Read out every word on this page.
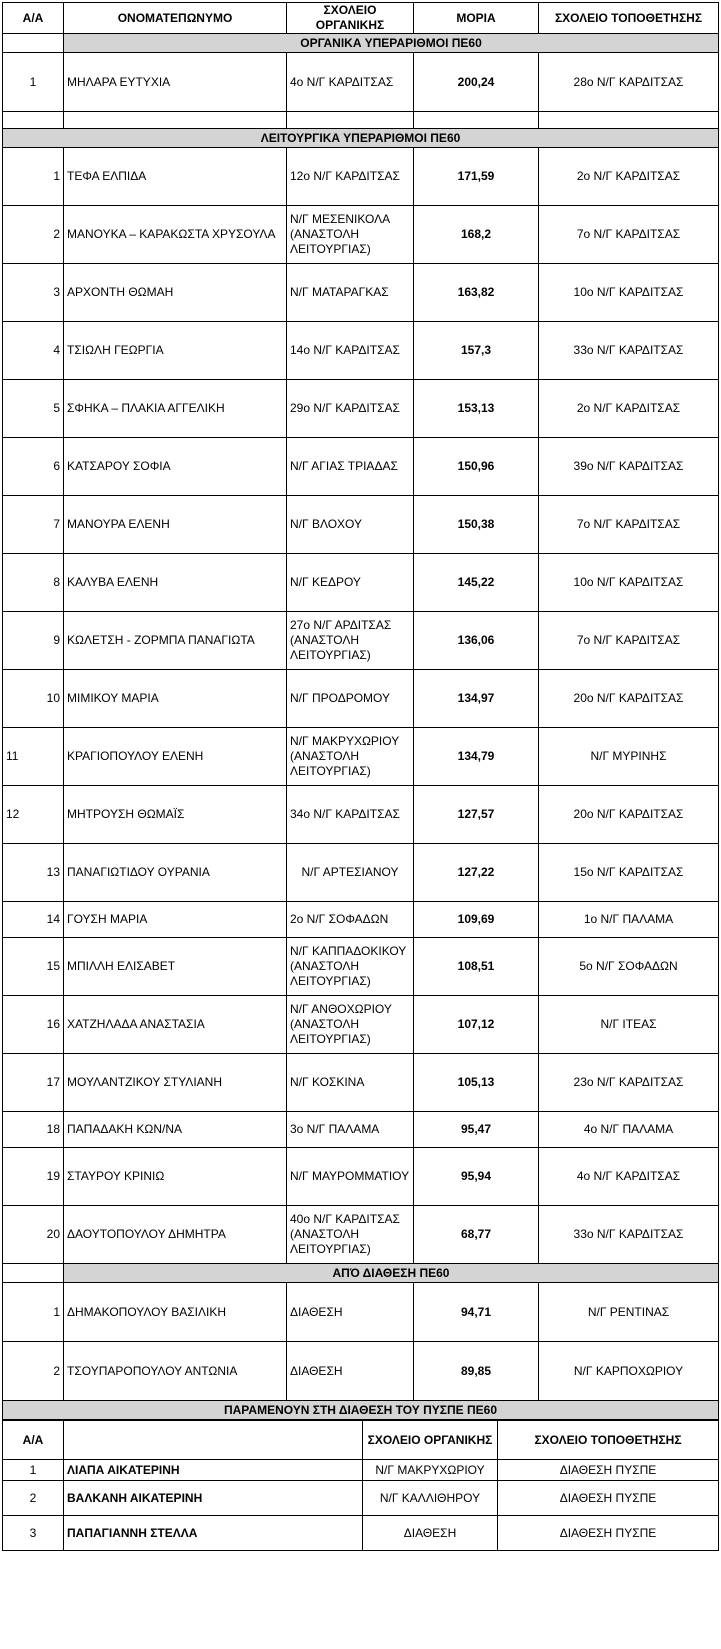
Α/Α	ΟΝΟΜΑΤΕΠΩΝΥΜΟ	ΣΧΟΛΕΙΟ ΟΡΓΑΝΙΚΗΣ	ΜΟΡΙΑ	ΣΧΟΛΕΙΟ ΤΟΠΟΘΕΤΗΣΗΣ
	ΟΡΓΑΝΙΚΑ ΥΠΕΡΑΡΙΘΜΟΙ ΠΕ60			
1	ΜΗΛΑΡΑ ΕΥΤΥΧΙΑ	4ο Ν/Γ ΚΑΡΔΙΤΣΑΣ	200,24	28ο Ν/Γ ΚΑΡΔΙΤΣΑΣ

ΛΕΙΤΟΥΡΓΙΚΑ ΥΠΕΡΑΡΙΘΜΟΙ ΠΕ60				
1	ΤΕΦΑ ΕΛΠΙΔΑ	12ο Ν/Γ ΚΑΡΔΙΤΣΑΣ	171,59	2ο Ν/Γ ΚΑΡΔΙΤΣΑΣ
2	ΜΑΝΟΥΚΑ – ΚΑΡΑΚΩΣΤΑ ΧΡΥΣΟΥΛΑ	Ν/Γ ΜΕΣΕΝΙΚΟΛΑ (ΑΝΑΣΤΟΛΗ ΛΕΙΤΟΥΡΓΙΑΣ)	168,2	7ο Ν/Γ ΚΑΡΔΙΤΣΑΣ
3	ΑΡΧΟΝΤΗ ΘΩΜΑΗ	Ν/Γ ΜΑΤΑΡΑΓΚΑΣ	163,82	10ο Ν/Γ ΚΑΡΔΙΤΣΑΣ
4	ΤΣΙΩΛΗ ΓΕΩΡΓΙΑ	14ο Ν/Γ ΚΑΡΔΙΤΣΑΣ	157,3	33ο Ν/Γ ΚΑΡΔΙΤΣΑΣ
5	ΣΦΗΚΑ – ΠΛΑΚΙΑ ΑΓΓΕΛΙΚΗ	29ο Ν/Γ ΚΑΡΔΙΤΣΑΣ	153,13	2ο Ν/Γ ΚΑΡΔΙΤΣΑΣ
6	ΚΑΤΣΑΡΟΥ ΣΟΦΙΑ	Ν/Γ ΑΓΙΑΣ ΤΡΙΑΔΑΣ	150,96	39ο Ν/Γ ΚΑΡΔΙΤΣΑΣ
7	ΜΑΝΟΥΡΑ ΕΛΕΝΗ	Ν/Γ ΒΛΟΧΟΥ	150,38	7ο Ν/Γ ΚΑΡΔΙΤΣΑΣ
8	ΚΑΛΥΒΑ ΕΛΕΝΗ	Ν/Γ ΚΕΔΡΟΥ	145,22	10ο Ν/Γ ΚΑΡΔΙΤΣΑΣ
9	ΚΩΛΕΤΣΗ - ΖΟΡΜΠΑ ΠΑΝΑΓΙΩΤΑ	27ο Ν/Γ ΑΡΔΙΤΣΑΣ (ΑΝΑΣΤΟΛΗ ΛΕΙΤΟΥΡΓΙΑΣ)	136,06	7ο Ν/Γ ΚΑΡΔΙΤΣΑΣ
10	ΜΙΜΙΚΟΥ ΜΑΡΙΑ	Ν/Γ ΠΡΟΔΡΟΜΟΥ	134,97	20ο Ν/Γ ΚΑΡΔΙΤΣΑΣ
11	ΚΡΑΓΙΟΠΟΥΛΟΥ ΕΛΕΝΗ	Ν/Γ ΜΑΚΡΥΧΩΡΙΟΥ (ΑΝΑΣΤΟΛΗ ΛΕΙΤΟΥΡΓΙΑΣ)	134,79	Ν/Γ ΜΥΡΙΝΗΣ
12	ΜΗΤΡΟΥΣΗ ΘΩΜΑΪΣ	34ο Ν/Γ ΚΑΡΔΙΤΣΑΣ	127,57	20ο Ν/Γ ΚΑΡΔΙΤΣΑΣ
13	ΠΑΝΑΓΙΩΤΙΔΟΥ ΟΥΡΑΝΙΑ	Ν/Γ ΑΡΤΕΣΙΑΝΟΥ	127,22	15ο Ν/Γ ΚΑΡΔΙΤΣΑΣ
14	ΓΟΥΣΗ ΜΑΡΙΑ	2ο Ν/Γ ΣΟΦΑΔΩΝ	109,69	1ο Ν/Γ ΠΑΛΑΜΑ
15	ΜΠΙΛΛΗ ΕΛΙΣΑΒΕΤ	Ν/Γ ΚΑΠΠΑΔΟΚΙΚΟΥ (ΑΝΑΣΤΟΛΗ ΛΕΙΤΟΥΡΓΙΑΣ)	108,51	5ο Ν/Γ ΣΟΦΑΔΩΝ
16	ΧΑΤΖΗΛΑΔΑ ΑΝΑΣΤΑΣΙΑ	Ν/Γ ΑΝΘΟΧΩΡΙΟΥ (ΑΝΑΣΤΟΛΗ ΛΕΙΤΟΥΡΓΙΑΣ)	107,12	Ν/Γ ΙΤΕΑΣ
17	ΜΟΥΛΑΝΤΖΙΚΟΥ ΣΤΥΛΙΑΝΗ	Ν/Γ ΚΟΣΚΙΝΑ	105,13	23ο Ν/Γ ΚΑΡΔΙΤΣΑΣ
18	ΠΑΠΑΔΑΚΗ ΚΩΝ/ΝΑ	3ο Ν/Γ ΠΑΛΑΜΑ	95,47	4ο Ν/Γ ΠΑΛΑΜΑ
19	ΣΤΑΥΡΟΥ ΚΡΙΝΙΩ	Ν/Γ ΜΑΥΡΟΜΜΑΤΙΟΥ	95,94	4ο Ν/Γ ΚΑΡΔΙΤΣΑΣ
20	ΔΑΟΥΤΟΠΟΥΛΟΥ ΔΗΜΗΤΡΑ	40ο Ν/Γ ΚΑΡΔΙΤΣΑΣ (ΑΝΑΣΤΟΛΗ ΛΕΙΤΟΥΡΓΙΑΣ)	68,77	33ο Ν/Γ ΚΑΡΔΙΤΣΑΣ
	ΑΠΌ ΔΙΑΘΕΣΗ ΠΕ60			
1	ΔΗΜΑΚΟΠΟΥΛΟΥ ΒΑΣΙΛΙΚΗ	ΔΙΑΘΕΣΗ	94,71	Ν/Γ ΡΕΝΤΙΝΑΣ
2	ΤΣΟΥΠΑΡΟΠΟΥΛΟΥ ΑΝΤΩΝΙΑ	ΔΙΑΘΕΣΗ	89,85	Ν/Γ ΚΑΡΠΟΧΩΡΙΟΥ
ΠΑΡΑΜΕΝΟΥΝ ΣΤΗ ΔΙΑΘΕΣΗ ΤΟΥ ΠΥΣΠΕ ΠΕ60				
Α/Α		ΣΧΟΛΕΙΟ ΟΡΓΑΝΙΚΗΣ	ΣΧΟΛΕΙΟ ΤΟΠΟΘΕΤΗΣΗΣ
1	ΛΙΑΠΑ ΑΙΚΑΤΕΡΙΝΗ	Ν/Γ ΜΑΚΡΥΧΩΡΙΟΥ	ΔΙΑΘΕΣΗ ΠΥΣΠΕ
2	ΒΑΛΚΑΝΗ ΑΙΚΑΤΕΡΙΝΗ	Ν/Γ ΚΑΛΛΙΘΗΡΟΥ	ΔΙΑΘΕΣΗ ΠΥΣΠΕ
3	ΠΑΠΑΓΙΑΝΝΗ ΣΤΕΛΛΑ	ΔΙΑΘΕΣΗ	ΔΙΑΘΕΣΗ ΠΥΣΠΕ
